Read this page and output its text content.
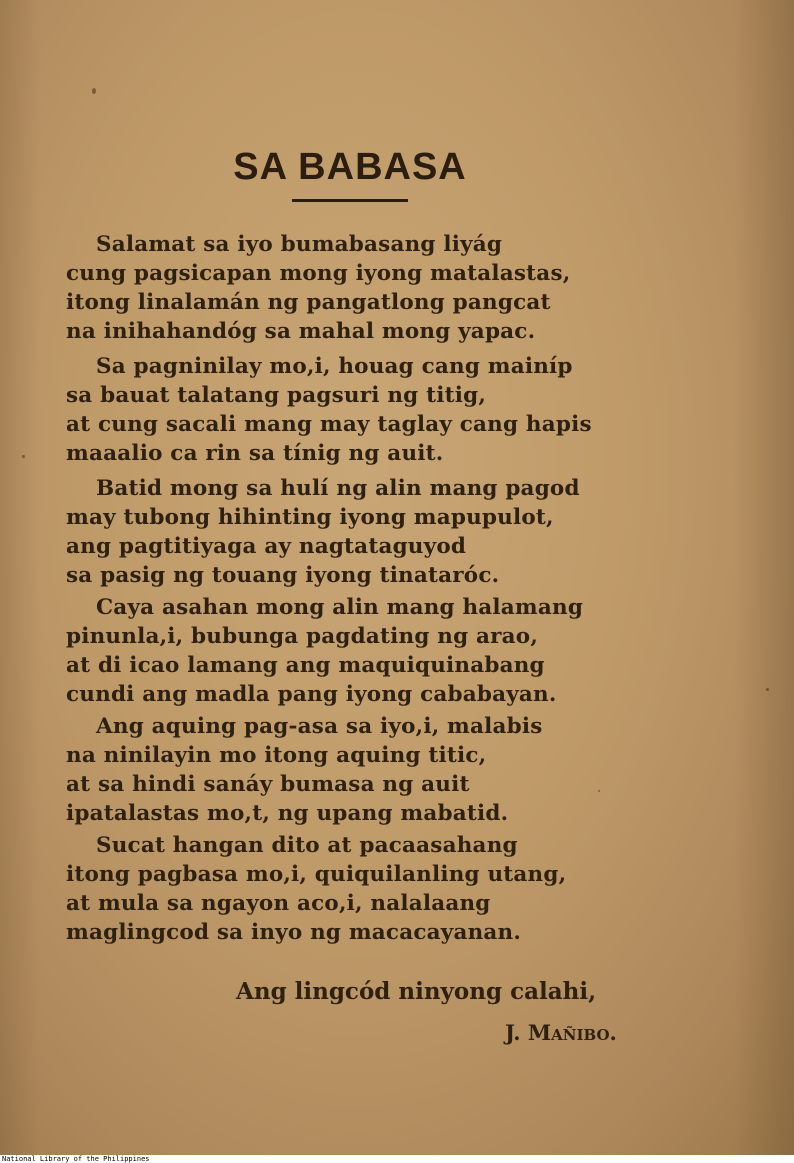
SA BABASA
Salamat sa iyo bumabasang liyág
cung pagsicapan mong iyong matalastas,
itong linalamán ng pangatlong pangcat
na inihahandóg sa mahal mong yapac.
Sa pagninilay mo,i, houag cang mainíp
sa bauat talatang pagsuri ng titig,
at cung sacali mang may taglay cang hapis
maaalio ca rin sa tínig ng auit.
Batid mong sa hulí ng alin mang pagod
may tubong hihinting iyong mapupulot,
ang pagtitiyaga ay nagtataguyod
sa pasig ng touang iyong tinataróc.
Caya asahan mong alin mang halamang
pinunla,i, bubunga pagdating ng arao,
at di icao lamang ang maquiquinabang
cundi ang madla pang iyong cababayan.
Ang aquing pag-asa sa iyo,i, malabis
na ninilayin mo itong aquing titic,
at sa hindi sanáy bumasa ng auit
ipatalastas mo,t, ng upang mabatid.
Sucat hangan dito at pacaasahang
itong pagbasa mo,i, quiquilanling utang,
at mula sa ngayon aco,i, nalalaang
maglingcod sa inyo ng macacayanan.
Ang lingcód ninyong calahi,
J. Mañibo.
National Library of the Philippines
